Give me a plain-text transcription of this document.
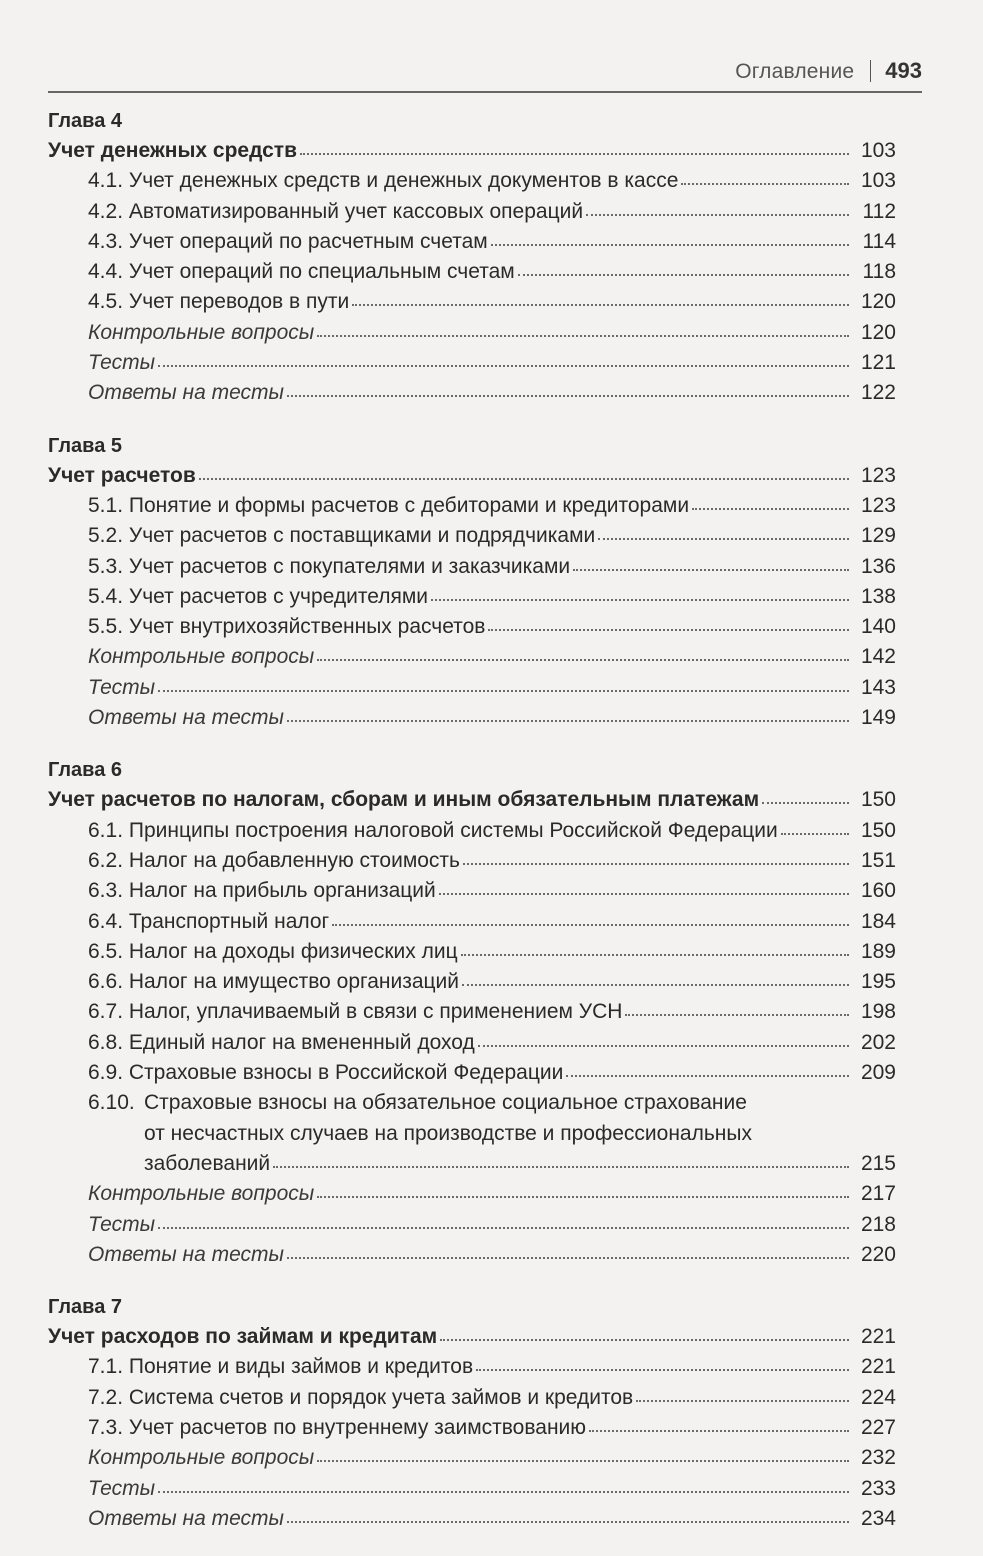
Оглавление 493
Глава 4
Учет денежных средств	103
4.1. Учет денежных средств и денежных документов в кассе	103
4.2. Автоматизированный учет кассовых операций	112
4.3. Учет операций по расчетным счетам	114
4.4. Учет операций по специальным счетам	118
4.5. Учет переводов в пути	120
Контрольные вопросы	120
Тесты	121
Ответы на тесты	122
Глава 5
Учет расчетов	123
5.1. Понятие и формы расчетов с дебиторами и кредиторами	123
5.2. Учет расчетов с поставщиками и подрядчиками	129
5.3. Учет расчетов с покупателями и заказчиками	136
5.4. Учет расчетов с учредителями	138
5.5. Учет внутрихозяйственных расчетов	140
Контрольные вопросы	142
Тесты	143
Ответы на тесты	149
Глава 6
Учет расчетов по налогам, сборам и иным обязательным платежам	150
6.1. Принципы построения налоговой системы Российской Федерации	150
6.2. Налог на добавленную стоимость	151
6.3. Налог на прибыль организаций	160
6.4. Транспортный налог	184
6.5. Налог на доходы физических лиц	189
6.6. Налог на имущество организаций	195
6.7. Налог, уплачиваемый в связи с применением УСН	198
6.8. Единый налог на вмененный доход	202
6.9. Страховые взносы в Российской Федерации	209
6.10. Страховые взносы на обязательное социальное страхование
от несчастных случаев на производстве и профессиональных
заболеваний	215
Контрольные вопросы	217
Тесты	218
Ответы на тесты	220
Глава 7
Учет расходов по займам и кредитам	221
7.1. Понятие и виды займов и кредитов	221
7.2. Система счетов и порядок учета займов и кредитов	224
7.3. Учет расчетов по внутреннему заимствованию	227
Контрольные вопросы	232
Тесты	233
Ответы на тесты	234
